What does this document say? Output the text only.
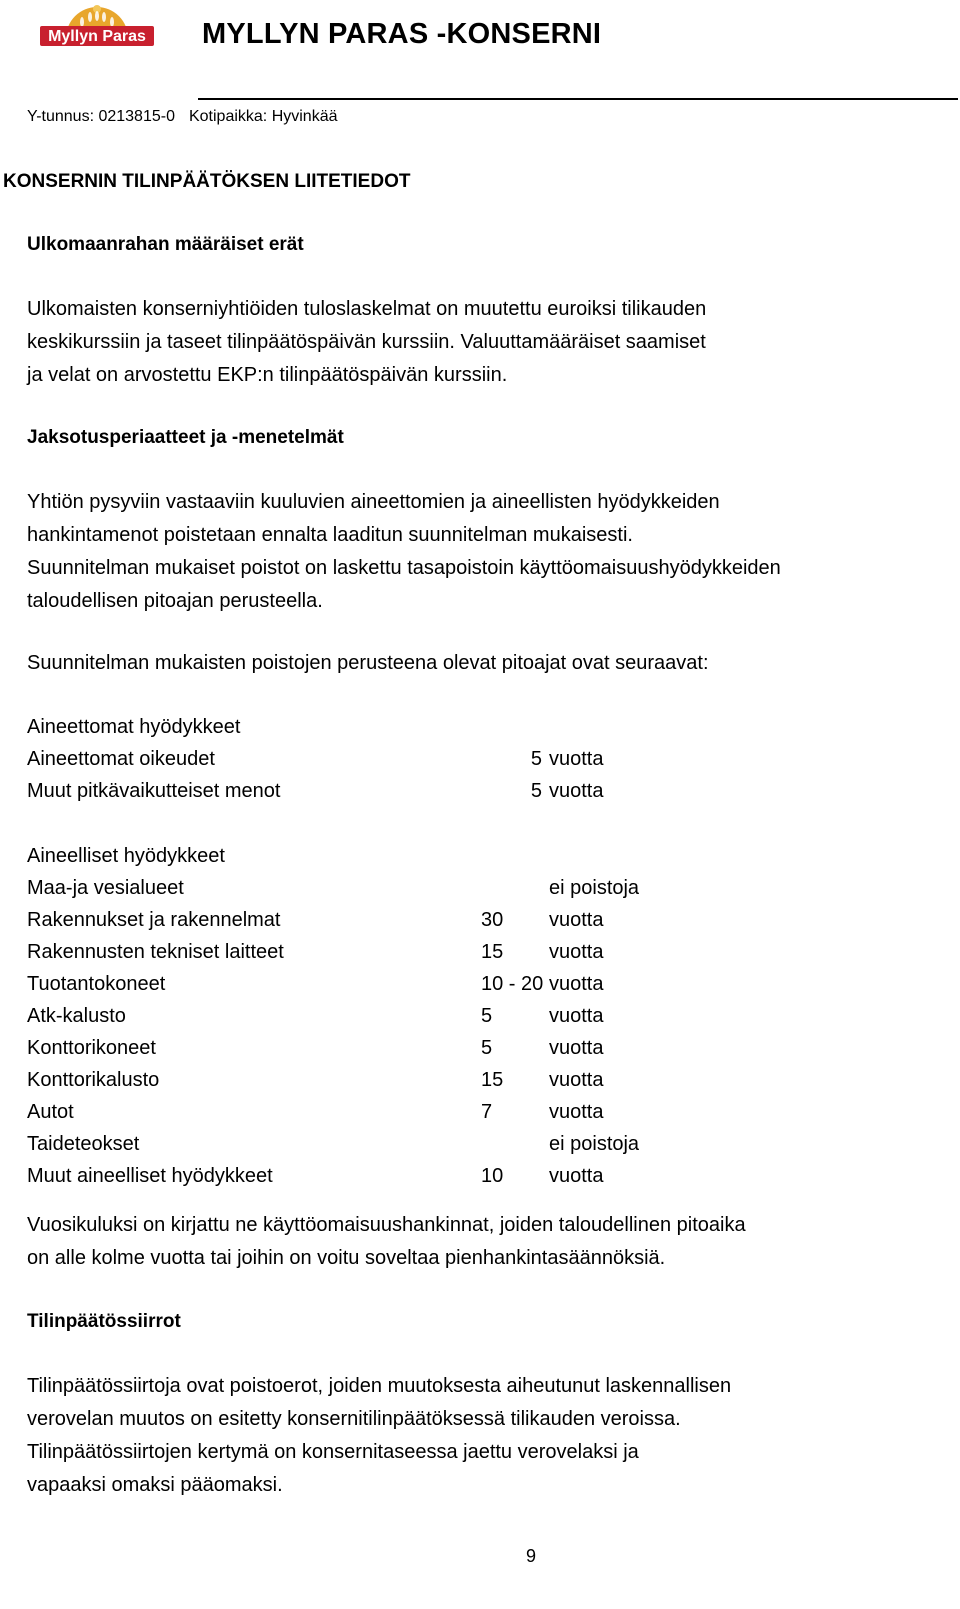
Myllyn Paras MYLLYN PARAS -KONSERNI
Y-tunnus: 0213815-0 Kotipaikka: Hyvinkää
KONSERNIN TILINPÄÄTÖKSEN LIITETIEDOT
Ulkomaanrahan määräiset erät
Ulkomaisten konserniyhtiöiden tuloslaskelmat on muutettu euroiksi tilikauden
keskikurssiin ja taseet tilinpäätöspäivän kurssiin. Valuuttamääräiset saamiset
ja velat on arvostettu EKP:n tilinpäätöspäivän kurssiin.
Jaksotusperiaatteet ja -menetelmät
Yhtiön pysyviin vastaaviin kuuluvien aineettomien ja aineellisten hyödykkeiden
hankintamenot poistetaan ennalta laaditun suunnitelman mukaisesti.
Suunnitelman mukaiset poistot on laskettu tasapoistoin käyttöomaisuushyödykkeiden
taloudellisen pitoajan perusteella.
Suunnitelman mukaisten poistojen perusteena olevat pitoajat ovat seuraavat:
Aineettomat hyödykkeet
Aineettomat oikeudet	5 vuotta
Muut pitkävaikutteiset menot	5 vuotta
Aineelliset hyödykkeet
Maa-ja vesialueet	ei poistoja
Rakennukset ja rakennelmat	30 vuotta
Rakennusten tekniset laitteet	15 vuotta
Tuotantokoneet	10 - 20 vuotta
Atk-kalusto	5	vuotta
Konttorikoneet	5	vuotta
Konttorikalusto	15 vuotta
Autot	7	vuotta
Taideteokset	ei poistoja
Muut aineelliset hyödykkeet	10 vuotta
Vuosikuluksi on kirjattu ne käyttöomaisuushankinnat, joiden taloudellinen pitoaika
on alle kolme vuotta tai joihin on voitu soveltaa pienhankintasäännöksiä.
Tilinpäätössiirrot
Tilinpäätössiirtoja ovat poistoerot, joiden muutoksesta aiheutunut laskennallisen
verovelan muutos on esitetty konsernitilinpäätöksessä tilikauden veroissa.
Tilinpäätössiirtojen kertymä on konsernitaseessa jaettu verovelaksi ja
vapaaksi omaksi pääomaksi.
9
